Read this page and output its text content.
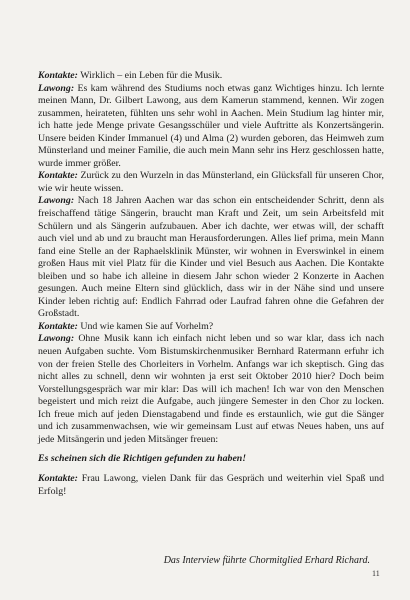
Kontakte: Wirklich – ein Leben für die Musik.

Lawong: Es kam während des Studiums noch etwas ganz Wichtiges hinzu. Ich lernte meinen Mann, Dr. Gilbert Lawong, aus dem Kamerun stammend, kennen. Wir zogen zusammen, heirateten, fühlten uns sehr wohl in Aachen. Mein Studium lag hinter mir, ich hatte jede Menge private Gesangsschüler und viele Auftritte als Konzertsängerin. Unsere beiden Kinder Immanuel (4) und Alma (2) wurden geboren, das Heimweh zum Münsterland und meiner Familie, die auch mein Mann sehr ins Herz geschlossen hatte, wurde immer größer.

Kontakte: Zurück zu den Wurzeln in das Münsterland, ein Glücksfall für unseren Chor, wie wir heute wissen.

Lawong: Nach 18 Jahren Aachen war das schon ein entscheidender Schritt, denn als freischaffend tätige Sängerin, braucht man Kraft und Zeit, um sein Arbeitsfeld mit Schülern und als Sängerin aufzubauen. Aber ich dachte, wer etwas will, der schafft auch viel und ab und zu braucht man Herausforderungen. Alles lief prima, mein Mann fand eine Stelle an der Raphaelsklinik Münster, wir wohnen in Everswinkel in einem großen Haus mit viel Platz für die Kinder und viel Besuch aus Aachen. Die Kontakte bleiben und so habe ich alleine in diesem Jahr schon wieder 2 Konzerte in Aachen gesungen. Auch meine Eltern sind glücklich, dass wir in der Nähe sind und unsere Kinder leben richtig auf: Endlich Fahrrad oder Laufrad fahren ohne die Gefahren der Großstadt.

Kontakte: Und wie kamen Sie auf Vorhelm?

Lawong: Ohne Musik kann ich einfach nicht leben und so war klar, dass ich nach neuen Aufgaben suchte. Vom Bistumskirchenmusiker Bernhard Ratermann erfuhr ich von der freien Stelle des Chorleiters in Vorhelm. Anfangs war ich skeptisch. Ging das nicht alles zu schnell, denn wir wohnten ja erst seit Oktober 2010 hier? Doch beim Vorstellungsgespräch war mir klar: Das will ich machen! Ich war von den Menschen begeistert und mich reizt die Aufgabe, auch jüngere Semester in den Chor zu locken. Ich freue mich auf jeden Dienstagabend und finde es erstaunlich, wie gut die Sänger und ich zusammenwachsen, wie wir gemeinsam Lust auf etwas Neues haben, uns auf jede Mitsängerin und jeden Mitsänger freuen:

Es scheinen sich die Richtigen gefunden zu haben!

Kontakte: Frau Lawong, vielen Dank für das Gespräch und weiterhin viel Spaß und Erfolg!

Das Interview führte Chormitglied Erhard Richard.
11
